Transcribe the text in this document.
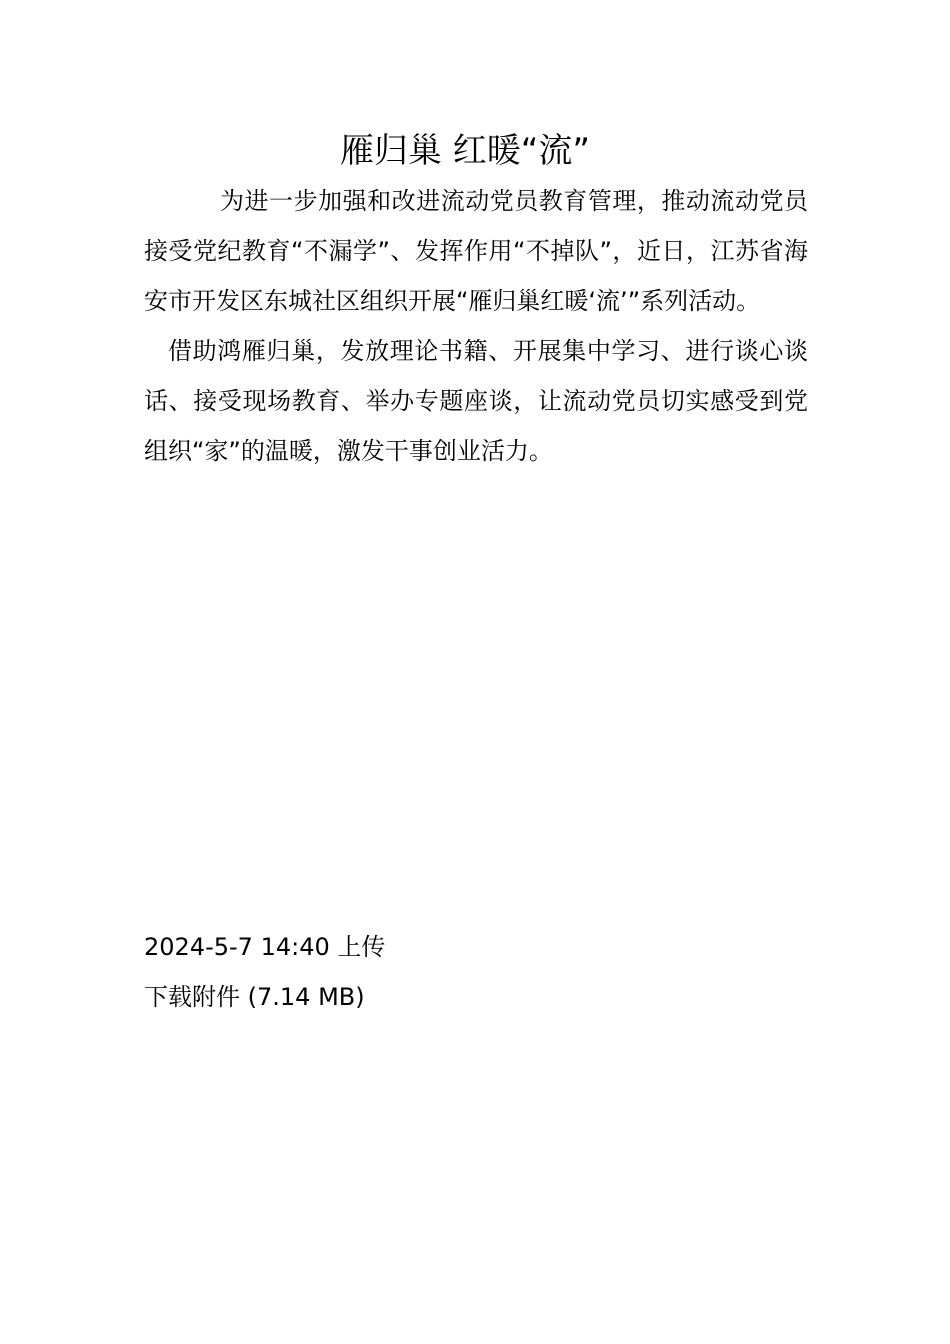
雁归巢 红暖“流”

为进一步加强和改进流动党员教育管理，推动流动党员接受党纪教育“不漏学”、发挥作用“不掉队”，近日，江苏省海安市开发区东城社区组织开展“雁归巢红暖‘流’”系列活动。

借助鸿雁归巢，发放理论书籍、开展集中学习、进行谈心谈话、接受现场教育、举办专题座谈，让流动党员切实感受到党组织“家”的温暖，激发干事创业活力。

2024-5-7 14:40 上传

下载附件 (7.14 MB)
